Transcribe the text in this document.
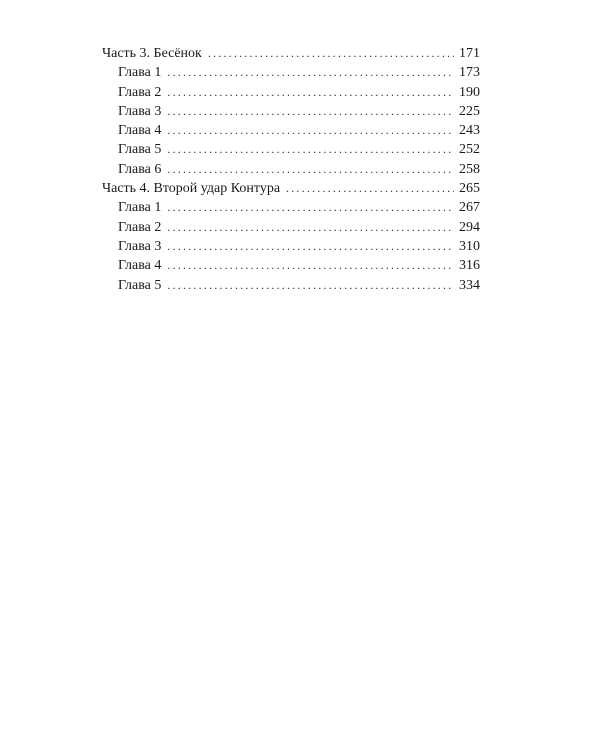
Часть 3. Бесёнок .....	171
Глава 1 .....	173
Глава 2 .....	190
Глава 3 .....	225
Глава 4 .....	243
Глава 5 .....	252
Глава 6 .....	258
Часть 4. Второй удар Контура .....	265
Глава 1 .....	267
Глава 2 .....	294
Глава 3 .....	310
Глава 4 .....	316
Глава 5 .....	334
